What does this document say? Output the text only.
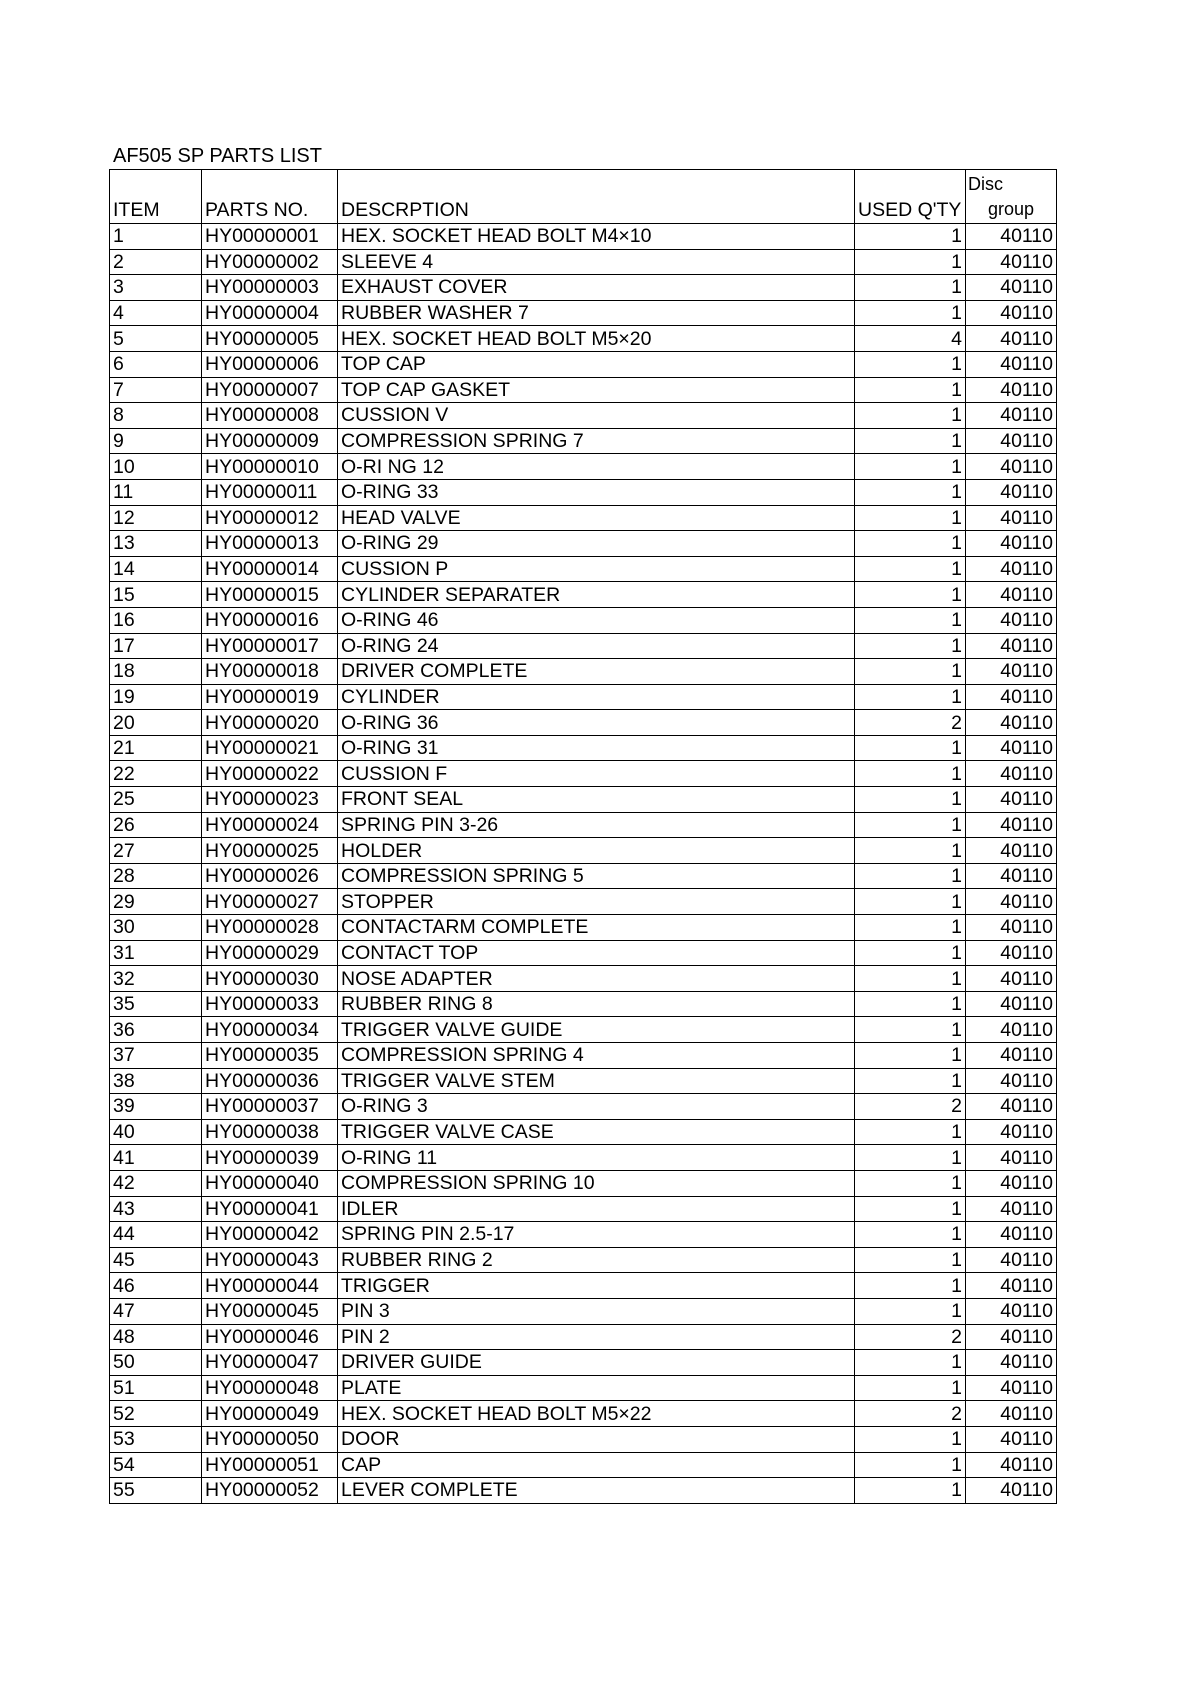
AF505 SP PARTS LIST
ITEM	PARTS NO.	DESCRPTION	USED Q'TY	Disc
group

1	HY00000001	HEX. SOCKET HEAD BOLT M4×10	1	40110
2	HY00000002	SLEEVE 4	1	40110
3	HY00000003	EXHAUST COVER	1	40110
4	HY00000004	RUBBER WASHER 7	1	40110
5	HY00000005	HEX. SOCKET HEAD BOLT M5×20	4	40110
6	HY00000006	TOP CAP	1	40110
7	HY00000007	TOP CAP GASKET	1	40110
8	HY00000008	CUSSION V	1	40110
9	HY00000009	COMPRESSION SPRING 7	1	40110
10	HY00000010	O-RI NG 12	1	40110
11	HY00000011	O-RING 33	1	40110
12	HY00000012	HEAD VALVE	1	40110
13	HY00000013	O-RING 29	1	40110
14	HY00000014	CUSSION P	1	40110
15	HY00000015	CYLINDER SEPARATER	1	40110
16	HY00000016	O-RING 46	1	40110
17	HY00000017	O-RING 24	1	40110
18	HY00000018	DRIVER COMPLETE	1	40110
19	HY00000019	CYLINDER	1	40110
20	HY00000020	O-RING 36	2	40110
21	HY00000021	O-RING 31	1	40110
22	HY00000022	CUSSION F	1	40110
25	HY00000023	FRONT SEAL	1	40110
26	HY00000024	SPRING PIN 3-26	1	40110
27	HY00000025	HOLDER	1	40110
28	HY00000026	COMPRESSION SPRING 5	1	40110
29	HY00000027	STOPPER	1	40110
30	HY00000028	CONTACTARM COMPLETE	1	40110
31	HY00000029	CONTACT TOP	1	40110
32	HY00000030	NOSE ADAPTER	1	40110
35	HY00000033	RUBBER RING 8	1	40110
36	HY00000034	TRIGGER VALVE GUIDE	1	40110
37	HY00000035	COMPRESSION SPRING 4	1	40110
38	HY00000036	TRIGGER VALVE STEM	1	40110
39	HY00000037	O-RING 3	2	40110
40	HY00000038	TRIGGER VALVE CASE	1	40110
41	HY00000039	O-RING 11	1	40110
42	HY00000040	COMPRESSION SPRING 10	1	40110
43	HY00000041	IDLER	1	40110
44	HY00000042	SPRING PIN 2.5-17	1	40110
45	HY00000043	RUBBER RING 2	1	40110
46	HY00000044	TRIGGER	1	40110
47	HY00000045	PIN 3	1	40110
48	HY00000046	PIN 2	2	40110
50	HY00000047	DRIVER GUIDE	1	40110
51	HY00000048	PLATE	1	40110
52	HY00000049	HEX. SOCKET HEAD BOLT M5×22	2	40110
53	HY00000050	DOOR	1	40110
54	HY00000051	CAP	1	40110
55	HY00000052	LEVER COMPLETE	1	40110
